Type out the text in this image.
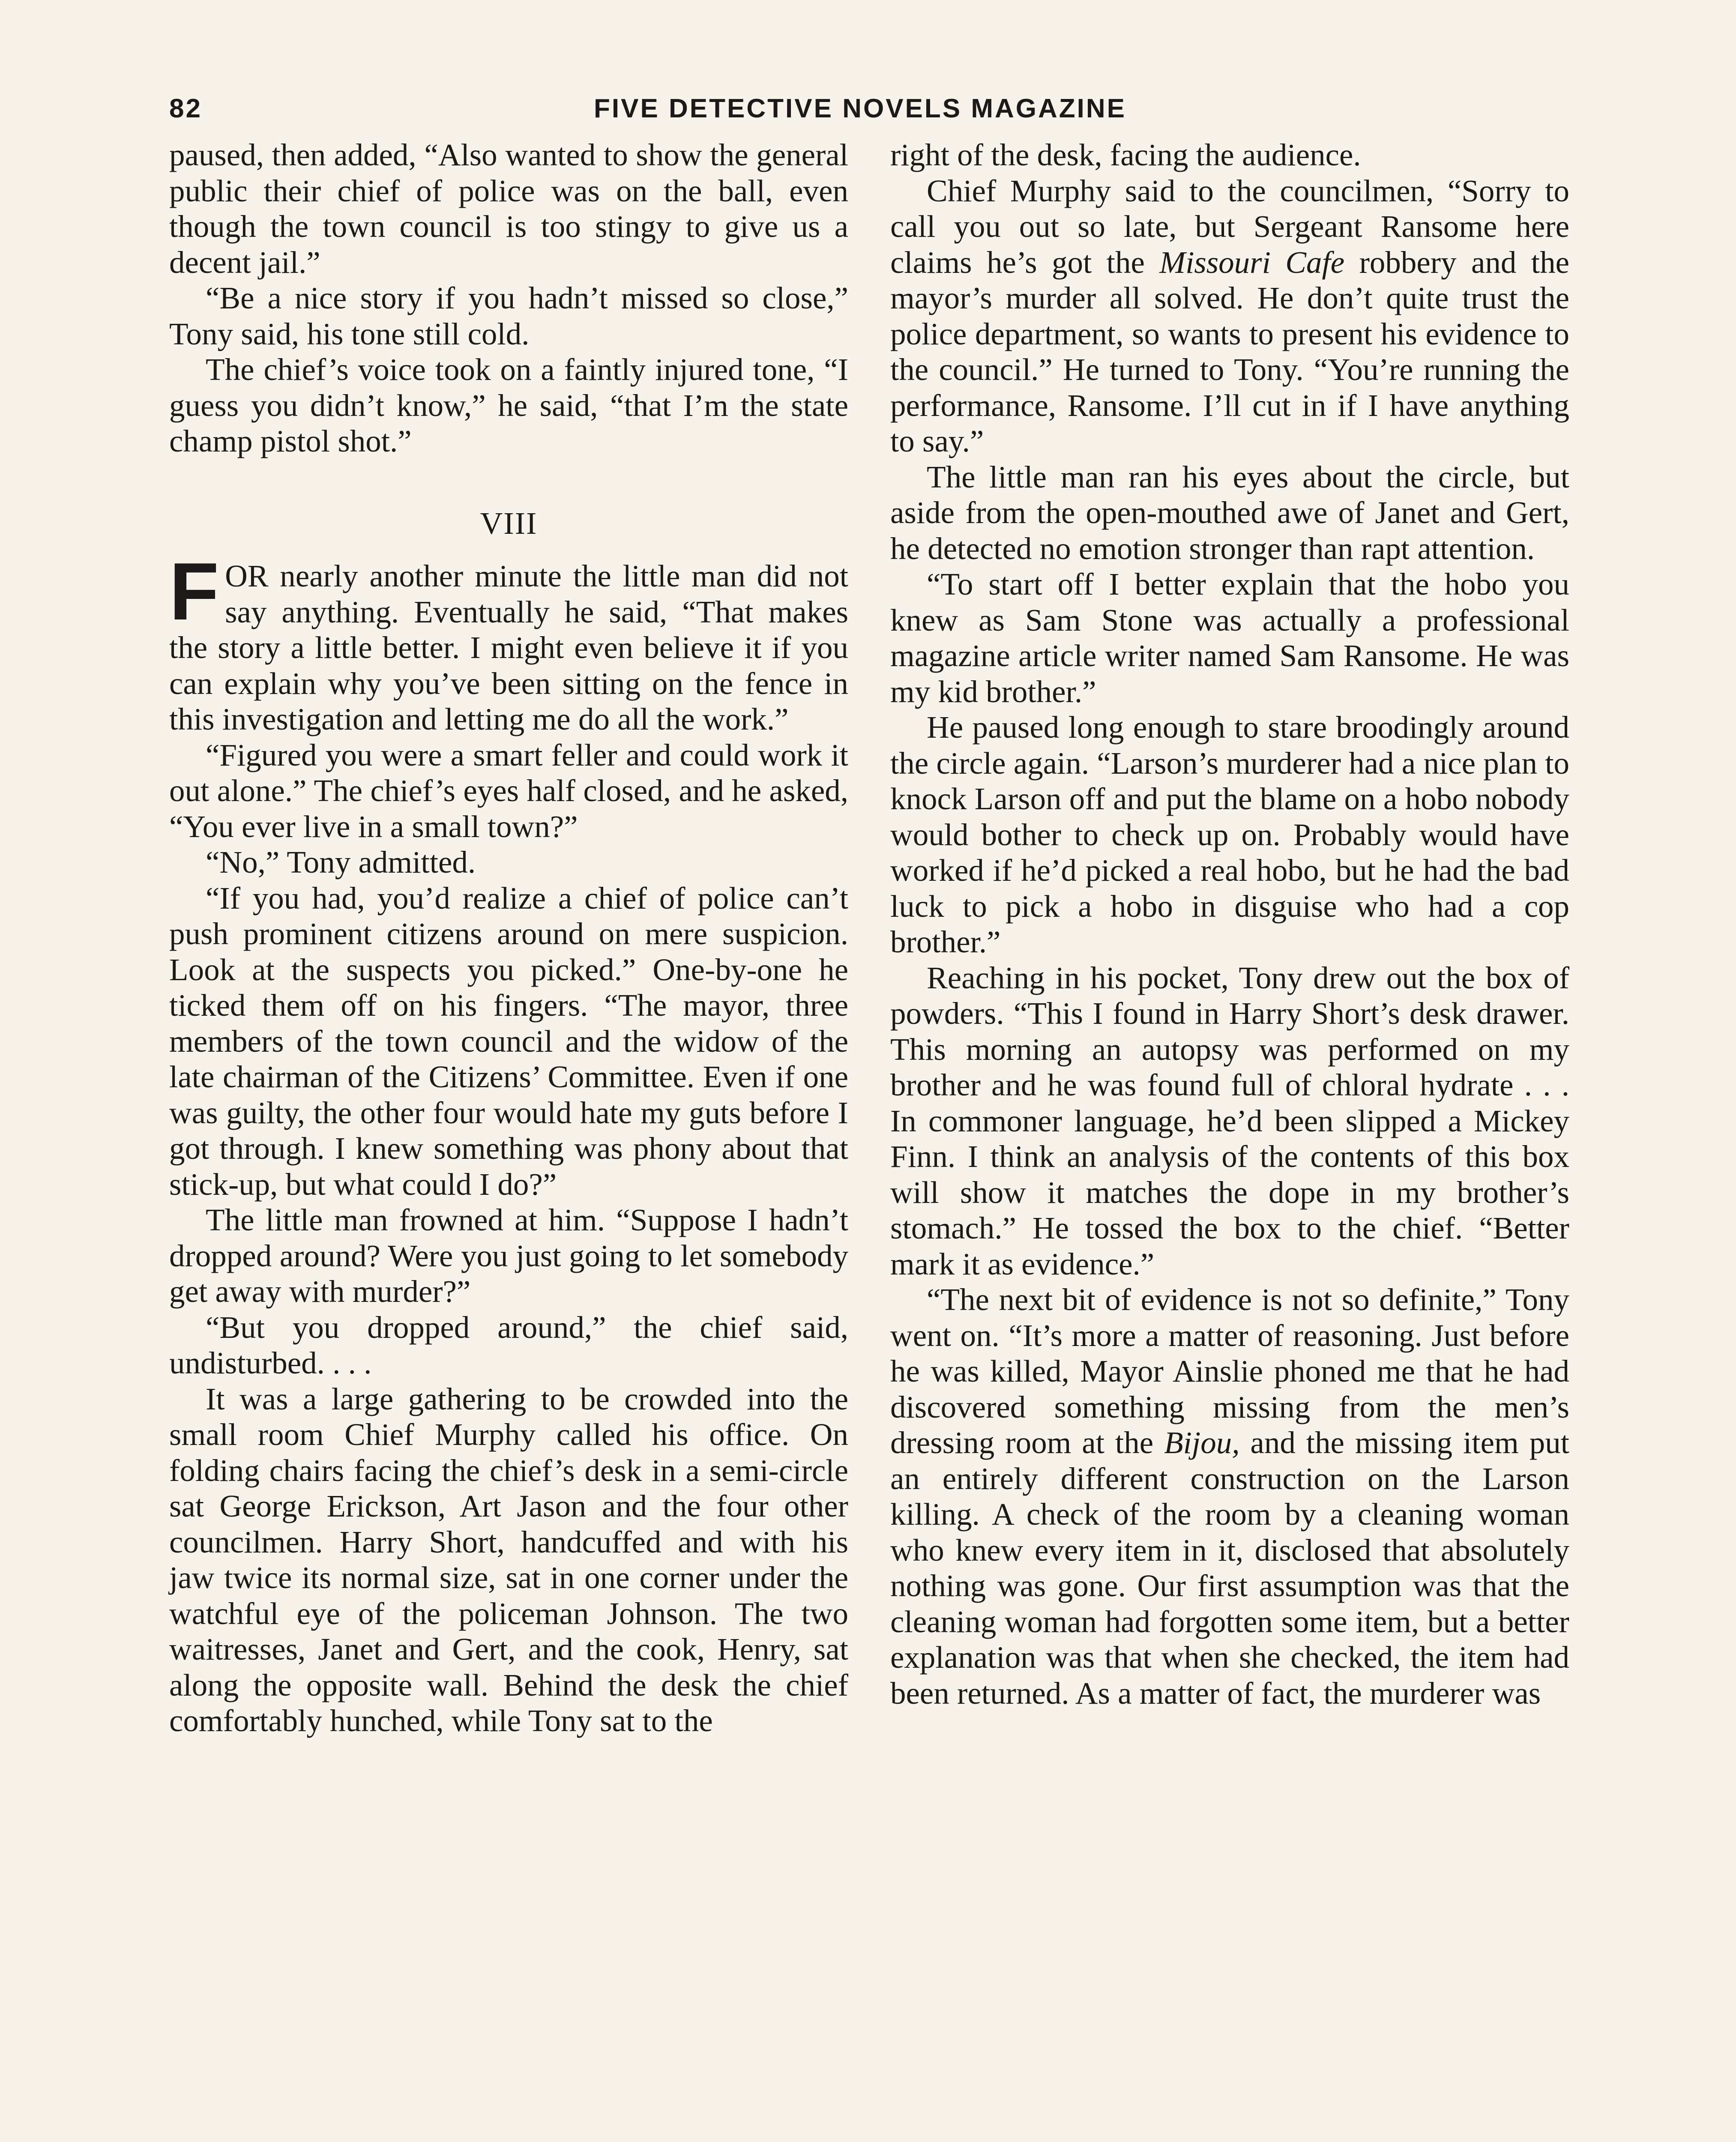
82	FIVE DETECTIVE NOVELS MAGAZINE

paused, then added, “Also wanted to show the general public their chief of police was on the ball, even though the town council is too stingy to give us a decent jail.”

“Be a nice story if you hadn’t missed so close,” Tony said, his tone still cold.

The chief’s voice took on a faintly injured tone, “I guess you didn’t know,” he said, “that I’m the state champ pistol shot.”

VIII

FOR nearly another minute the little man did not say anything. Eventually he said, “That makes the story a little better. I might even believe it if you can explain why you’ve been sitting on the fence in this investigation and letting me do all the work.”

“Figured you were a smart feller and could work it out alone.” The chief’s eyes half closed, and he asked, “You ever live in a small town?”

“No,” Tony admitted.

“If you had, you’d realize a chief of police can’t push prominent citizens around on mere suspicion. Look at the suspects you picked.” One-by-one he ticked them off on his fingers. “The mayor, three members of the town council and the widow of the late chairman of the Citizens’ Committee. Even if one was guilty, the other four would hate my guts before I got through. I knew something was phony about that stick-up, but what could I do?”

The little man frowned at him. “Suppose I hadn’t dropped around? Were you just going to let somebody get away with murder?”

“But you dropped around,” the chief said, undisturbed. . . .

It was a large gathering to be crowded into the small room Chief Murphy called his office. On folding chairs facing the chief’s desk in a semi-circle sat George Erickson, Art Jason and the four other councilmen. Harry Short, handcuffed and with his jaw twice its normal size, sat in one corner under the watchful eye of the policeman Johnson. The two waitresses, Janet and Gert, and the cook, Henry, sat along the opposite wall. Behind the desk the chief comfortably hunched, while Tony sat to the

right of the desk, facing the audience.

Chief Murphy said to the councilmen, “Sorry to call you out so late, but Sergeant Ransome here claims he’s got the Missouri Cafe robbery and the mayor’s murder all solved. He don’t quite trust the police department, so wants to present his evidence to the council.” He turned to Tony. “You’re running the performance, Ransome. I’ll cut in if I have anything to say.”

The little man ran his eyes about the circle, but aside from the open-mouthed awe of Janet and Gert, he detected no emotion stronger than rapt attention.

“To start off I better explain that the hobo you knew as Sam Stone was actually a professional magazine article writer named Sam Ransome. He was my kid brother.”

He paused long enough to stare broodingly around the circle again. “Larson’s murderer had a nice plan to knock Larson off and put the blame on a hobo nobody would bother to check up on. Probably would have worked if he’d picked a real hobo, but he had the bad luck to pick a hobo in disguise who had a cop brother.”

Reaching in his pocket, Tony drew out the box of powders. “This I found in Harry Short’s desk drawer. This morning an autopsy was performed on my brother and he was found full of chloral hydrate . . . In commoner language, he’d been slipped a Mickey Finn. I think an analysis of the contents of this box will show it matches the dope in my brother’s stomach.” He tossed the box to the chief. “Better mark it as evidence.”

“The next bit of evidence is not so definite,” Tony went on. “It’s more a matter of reasoning. Just before he was killed, Mayor Ainslie phoned me that he had discovered something missing from the men’s dressing room at the Bijou, and the missing item put an entirely different construction on the Larson killing. A check of the room by a cleaning woman who knew every item in it, disclosed that absolutely nothing was gone. Our first assumption was that the cleaning woman had forgotten some item, but a better explanation was that when she checked, the item had been returned. As a matter of fact, the murderer was
